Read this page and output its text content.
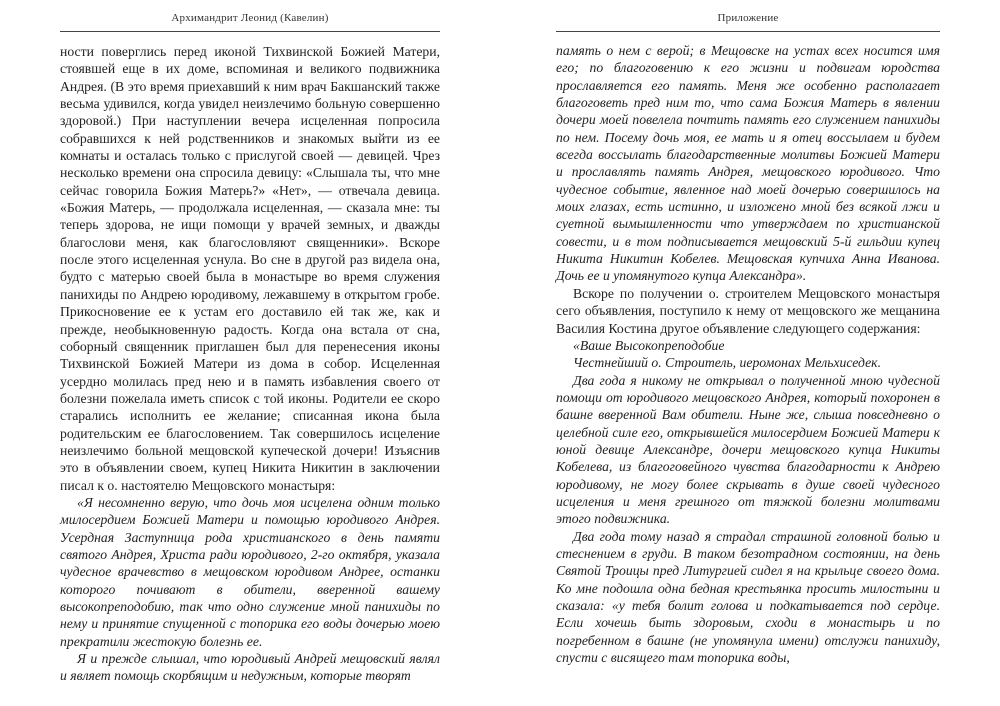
Архимандрит Леонид (Кавелин)

ности поверглись перед иконой Тихвинской Божией Матери, стоявшей еще в их доме, вспоминая и великого подвижника Андрея. (В это время приехавший к ним врач Бакшанский также весьма удивился, когда увидел неизлечимо больную совершенно здоровой.) При наступлении вечера исцеленная попросила собравшихся к ней родственников и знакомых выйти из ее комнаты и осталась только с прислугой своей — девицей. Чрез несколько времени она спросила девицу: «Слышала ты, что мне сейчас говорила Божия Матерь?» «Нет», — отвечала девица. «Божия Матерь, — продолжала исцеленная, — сказала мне: ты теперь здорова, не ищи помощи у врачей земных, и дважды благослови меня, как благословляют священники». Вскоре после этого исцеленная уснула. Во сне в другой раз видела она, будто с матерью своей была в монастыре во время служения панихиды по Андрею юродивому, лежавшему в открытом гробе. Прикосновение ее к устам его доставило ей так же, как и прежде, необыкновенную радость. Когда она встала от сна, соборный священник приглашен был для перенесения иконы Тихвинской Божией Матери из дома в собор. Исцеленная усердно молилась пред нею и в память избавления своего от болезни пожелала иметь список с той иконы. Родители ее скоро старались исполнить ее желание; списанная икона была родительским ее благословением. Так совершилось исцеление неизлечимо больной мещовской купеческой дочери! Изъяснив это в объявлении своем, купец Никита Никитин в заключении писал к о. настоятелю Мещовского монастыря:

«Я несомненно верую, что дочь моя исцелена одним только милосердием Божией Матери и помощью юродивого Андрея. Усердная Заступница рода христианского в день памяти святого Андрея, Христа ради юродивого, 2-го октября, указала чудесное врачевство в мещовском юродивом Андрее, останки которого почивают в обители, вверенной вашему высокопреподобию, так что одно служение мной панихиды по нему и принятие спущенной с топорика его воды дочерью моею прекратили жестокую болезнь ее.

Я и прежде слышал, что юродивый Андрей мещовский являл и являет помощь скорбящим и недужным, которые творят

Приложение

память о нем с верой; в Мещовске на устах всех носится имя его; по благоговению к его жизни и подвигам юродства прославляется его память. Меня же особенно располагает благоговеть пред ним то, что сама Божия Матерь в явлении дочери моей повелела почтить память его служением панихиды по нем. Посему дочь моя, ее мать и я отец воссылаем и будем всегда воссылать благодарственные молитвы Божией Матери и прославлять память Андрея, мещовского юродивого. Что чудесное событие, явленное над моей дочерью совершилось на моих глазах, есть истинно, и изложено мной без всякой лжи и суетной вымышленности что утверждаем по христианской совести, и в том подписывается мещовский 5-й гильдии купец Никита Никитин Кобелев. Мещовская купчиха Анна Иванова. Дочь ее и упомянутого купца Александра».

Вскоре по получении о. строителем Мещовского монастыря сего объявления, поступило к нему от мещовского же мещанина Василия Костина другое объявление следующего содержания:

«Ваше Высокопреподобие

Честнейший о. Строитель, иеромонах Мельхиседек.

Два года я никому не открывал о полученной мною чудесной помощи от юродивого мещовского Андрея, который похоронен в башне вверенной Вам обители. Ныне же, слыша повседневно о целебной силе его, открывшейся милосердием Божией Матери к юной девице Александре, дочери мещовского купца Никиты Кобелева, из благоговейного чувства благодарности к Андрею юродивому, не могу более скрывать в душе своей чудесного исцеления и меня грешного от тяжкой болезни молитвами этого подвижника.

Два года тому назад я страдал страшной головной болью и стеснением в груди. В таком безотрадном состоянии, на день Святой Троицы пред Литургией сидел я на крыльце своего дома. Ко мне подошла одна бедная крестьянка просить милостыни и сказала: «у тебя болит голова и подкатывается под сердце. Если хочешь быть здоровым, сходи в монастырь и по погребенном в башне (не упомянула имени) отслужи панихиду, спусти с висящего там топорика воды,
